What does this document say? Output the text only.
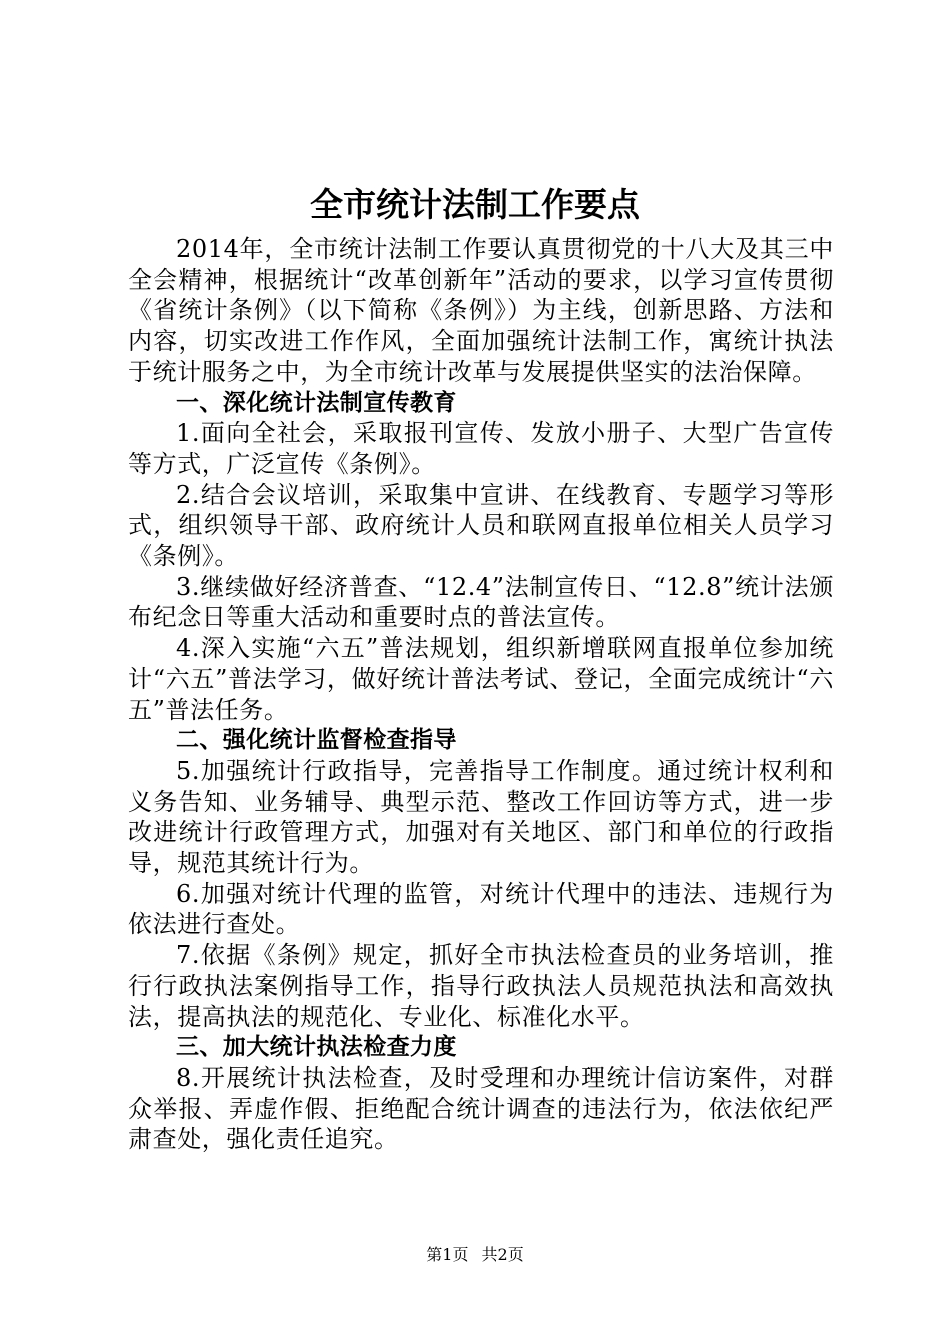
全市统计法制工作要点

2014年，全市统计法制工作要认真贯彻党的十八大及其三中全会精神，根据统计“改革创新年”活动的要求，以学习宣传贯彻《省统计条例》（以下简称《条例》）为主线，创新思路、方法和内容，切实改进工作作风，全面加强统计法制工作，寓统计执法于统计服务之中，为全市统计改革与发展提供坚实的法治保障。

一、深化统计法制宣传教育

1.面向全社会，采取报刊宣传、发放小册子、大型广告宣传等方式，广泛宣传《条例》。

2.结合会议培训，采取集中宣讲、在线教育、专题学习等形式，组织领导干部、政府统计人员和联网直报单位相关人员学习《条例》。

3.继续做好经济普查、“12.4”法制宣传日、“12.8”统计法颁布纪念日等重大活动和重要时点的普法宣传。

4.深入实施“六五”普法规划，组织新增联网直报单位参加统计“六五”普法学习，做好统计普法考试、登记，全面完成统计“六五”普法任务。

二、强化统计监督检查指导

5.加强统计行政指导，完善指导工作制度。通过统计权利和义务告知、业务辅导、典型示范、整改工作回访等方式，进一步改进统计行政管理方式，加强对有关地区、部门和单位的行政指导，规范其统计行为。

6.加强对统计代理的监管，对统计代理中的违法、违规行为依法进行查处。

7.依据《条例》规定，抓好全市执法检查员的业务培训，推行行政执法案例指导工作，指导行政执法人员规范执法和高效执法，提高执法的规范化、专业化、标准化水平。

三、加大统计执法检查力度

8.开展统计执法检查，及时受理和办理统计信访案件，对群众举报、弄虚作假、拒绝配合统计调查的违法行为，依法依纪严肃查处，强化责任追究。

第1页 共2页
